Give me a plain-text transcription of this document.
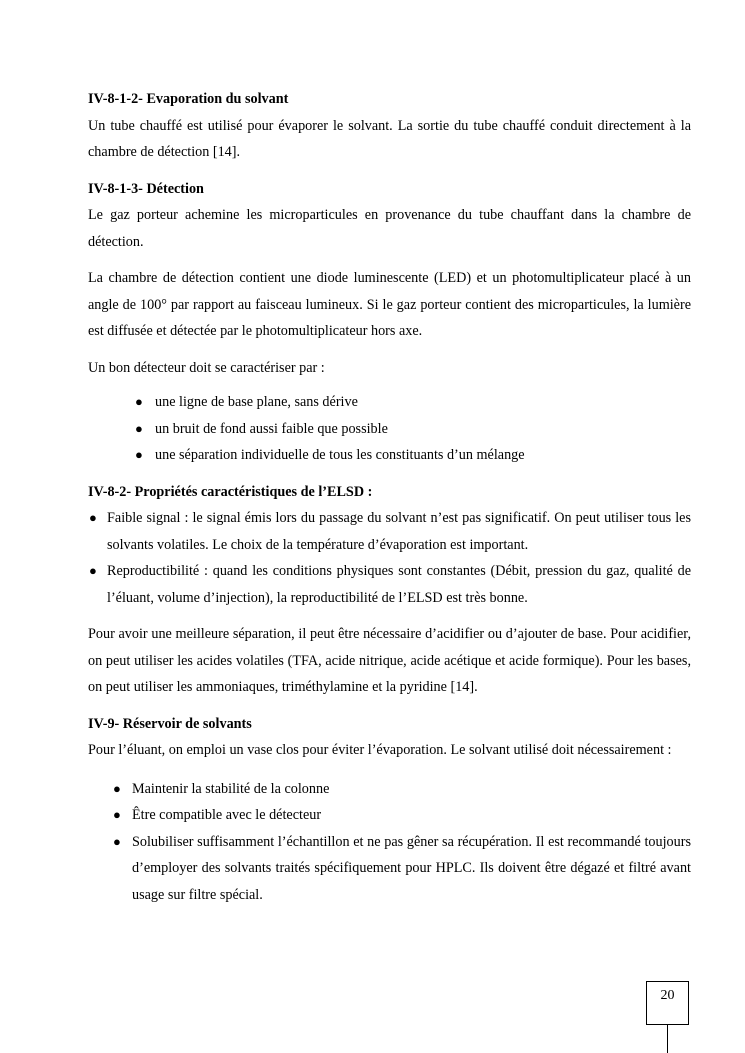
IV-8-1-2- Evaporation du solvant

Un tube chauffé est utilisé pour évaporer le solvant. La sortie du tube chauffé conduit directement à la chambre de détection [14].

IV-8-1-3- Détection

Le gaz porteur achemine les microparticules en provenance du tube chauffant dans la chambre de détection.

La chambre de détection contient une diode luminescente (LED) et un photomultiplicateur placé à un angle de 100° par rapport au faisceau lumineux. Si le gaz porteur contient des microparticules, la lumière est diffusée et détectée par le photomultiplicateur hors axe.

Un bon détecteur doit se caractériser par :

● une ligne de base plane, sans dérive
● un bruit de fond aussi faible que possible
● une séparation individuelle de tous les constituants d’un mélange

IV-8-2- Propriétés caractéristiques de l’ELSD :

● Faible signal : le signal émis lors du passage du solvant n’est pas significatif. On peut utiliser tous les solvants volatiles. Le choix de la température d’évaporation est important.
● Reproductibilité : quand les conditions physiques sont constantes (Débit, pression du gaz, qualité de l’éluant, volume d’injection), la reproductibilité de l’ELSD est très bonne.

Pour avoir une meilleure séparation, il peut être nécessaire d’acidifier ou d’ajouter de base. Pour acidifier, on peut utiliser les acides volatiles (TFA, acide nitrique, acide acétique et acide formique). Pour les bases, on peut utiliser les ammoniaques, triméthylamine et la pyridine [14].

IV-9- Réservoir de solvants

Pour l’éluant, on emploi un vase clos pour éviter l’évaporation. Le solvant utilisé doit nécessairement :

● Maintenir la stabilité de la colonne
● Être compatible avec le détecteur
● Solubiliser suffisamment l’échantillon et ne pas gêner sa récupération. Il est recommandé toujours d’employer des solvants traités spécifiquement pour HPLC. Ils doivent être dégazé et filtré avant usage sur filtre spécial.
20
